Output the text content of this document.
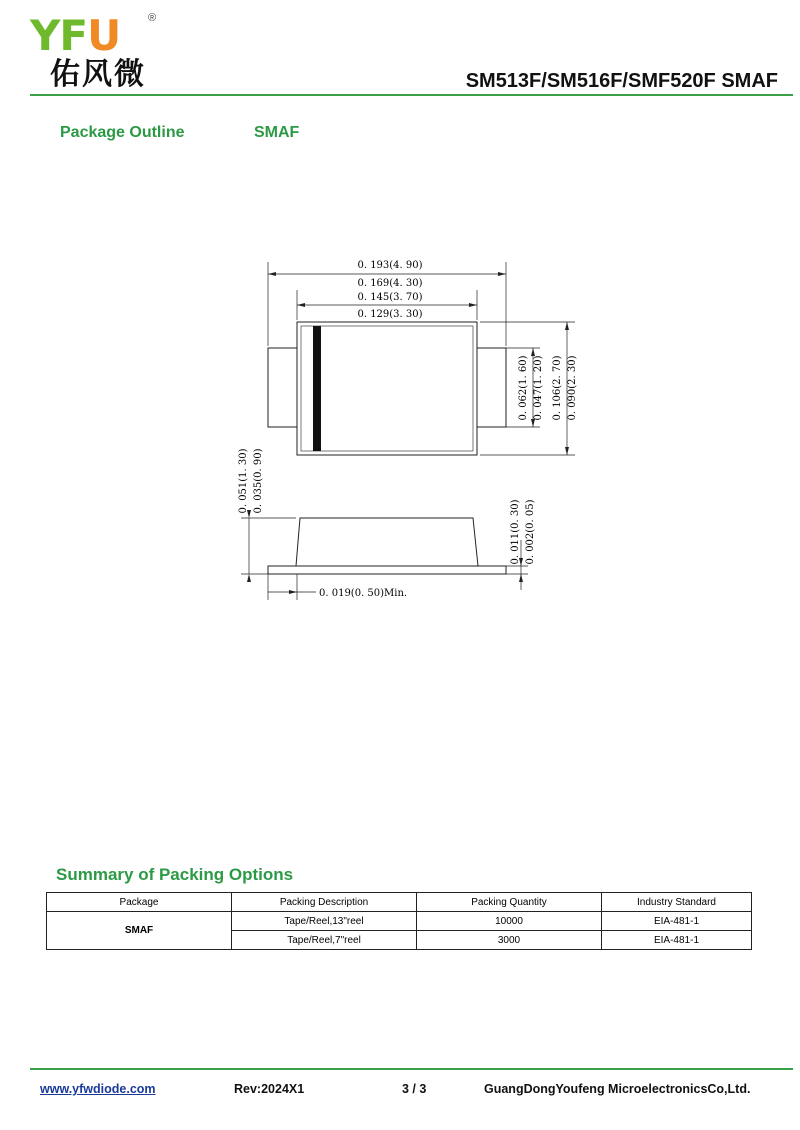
YFU	®
佑风微	SM513F/SM516F/SMF520F SMAF
Package Outline	SMAF
0. 193(4. 90)
0. 169(4. 30)
0. 145(3. 70)
0. 129(3. 30)
0. 062(1. 60) 0. 047(1. 20) 0. 106(2. 70) 0. 090(2. 30)
0. 051(1. 30) 0. 035(0. 90)
0. 011(0. 30) 0. 002(0. 05)
0. 019(0. 50)Min.
Summary of Packing Options
Package	Packing Description	Packing Quantity	Industry Standard
SMAF	Tape/Reel,13"reel	10000	EIA-481-1
	Tape/Reel,7"reel	3000	EIA-481-1
www.yfwdiode.com	Rev:2024X1	3 / 3	GuangDongYoufeng MicroelectronicsCo,Ltd.
